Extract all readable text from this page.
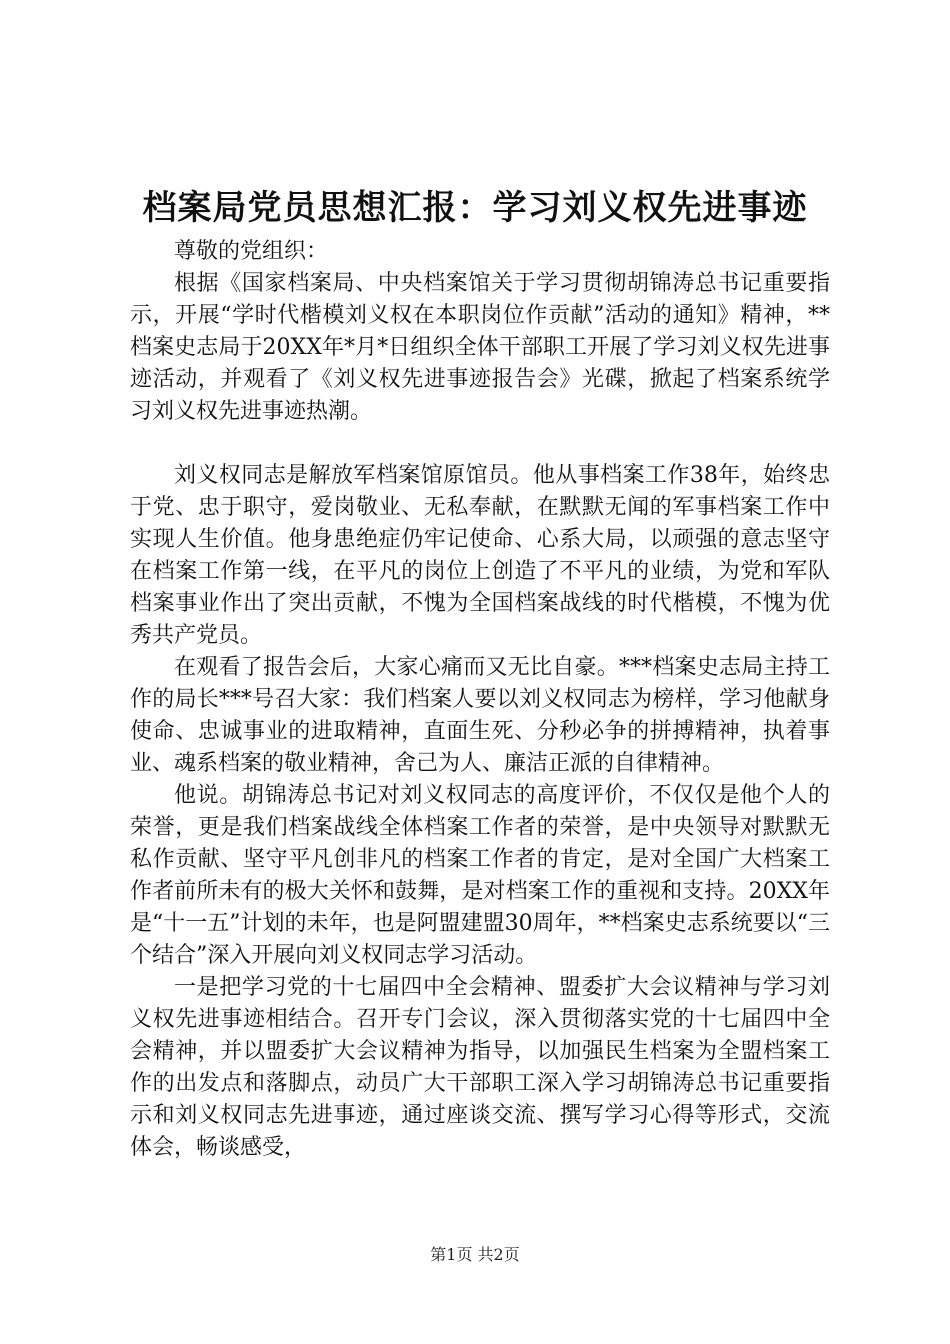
档案局党员思想汇报：学习刘义权先进事迹

尊敬的党组织：

根据《国家档案局、中央档案馆关于学习贯彻胡锦涛总书记重要指示，开展“学时代楷模刘义权在本职岗位作贡献”活动的通知》精神，**档案史志局于20XX年*月*日组织全体干部职工开展了学习刘义权先进事迹活动，并观看了《刘义权先进事迹报告会》光碟，掀起了档案系统学习刘义权先进事迹热潮。

刘义权同志是解放军档案馆原馆员。他从事档案工作38年，始终忠于党、忠于职守，爱岗敬业、无私奉献，在默默无闻的军事档案工作中实现人生价值。他身患绝症仍牢记使命、心系大局，以顽强的意志坚守在档案工作第一线，在平凡的岗位上创造了不平凡的业绩，为党和军队档案事业作出了突出贡献，不愧为全国档案战线的时代楷模，不愧为优秀共产党员。

在观看了报告会后，大家心痛而又无比自豪。***档案史志局主持工作的局长***号召大家：我们档案人要以刘义权同志为榜样，学习他献身使命、忠诚事业的进取精神，直面生死、分秒必争的拼搏精神，执着事业、魂系档案的敬业精神，舍己为人、廉洁正派的自律精神。

他说。胡锦涛总书记对刘义权同志的高度评价，不仅仅是他个人的荣誉，更是我们档案战线全体档案工作者的荣誉，是中央领导对默默无私作贡献、坚守平凡创非凡的档案工作者的肯定，是对全国广大档案工作者前所未有的极大关怀和鼓舞，是对档案工作的重视和支持。20XX年是“十一五”计划的未年，也是阿盟建盟30周年，**档案史志系统要以“三个结合”深入开展向刘义权同志学习活动。

一是把学习党的十七届四中全会精神、盟委扩大会议精神与学习刘义权先进事迹相结合。召开专门会议，深入贯彻落实党的十七届四中全会精神，并以盟委扩大会议精神为指导，以加强民生档案为全盟档案工作的出发点和落脚点，动员广大干部职工深入学习胡锦涛总书记重要指示和刘义权同志先进事迹，通过座谈交流、撰写学习心得等形式，交流体会，畅谈感受，

第1页 共2页
